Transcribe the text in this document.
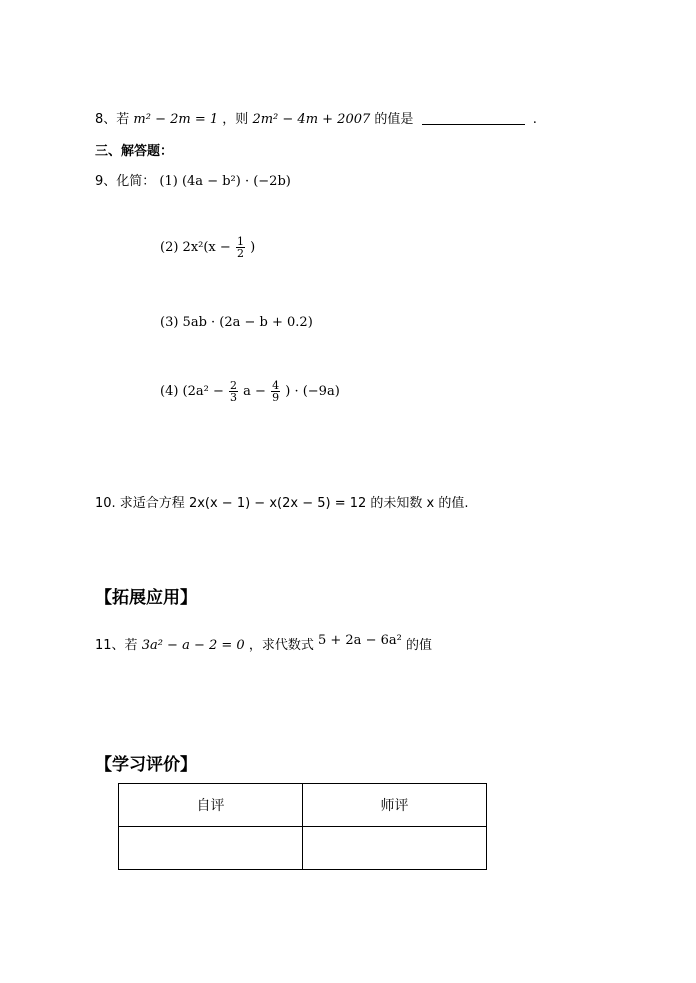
8、若 m² − 2m = 1 ，则 2m² − 4m + 2007 的值是	.
三、解答题：
9、化简： (1) (4a − b²) · (−2b)
(2) $2x^2(x - \frac{1}{2}$ )
(3) 5ab · (2a − b + 0.2)
(4) ($2a^2 - \frac{2}{3}$ $a - \frac{4}{9}$ ) · (−9a)
10. 求适合方程 2x(x − 1) − x(2x − 5) = 12 的未知数 x 的值.
【拓展应用】
11、若 3a² − a − 2 = 0 ，求代数式 5 + 2a − 6a² 的值
【学习评价】
自评	师评
